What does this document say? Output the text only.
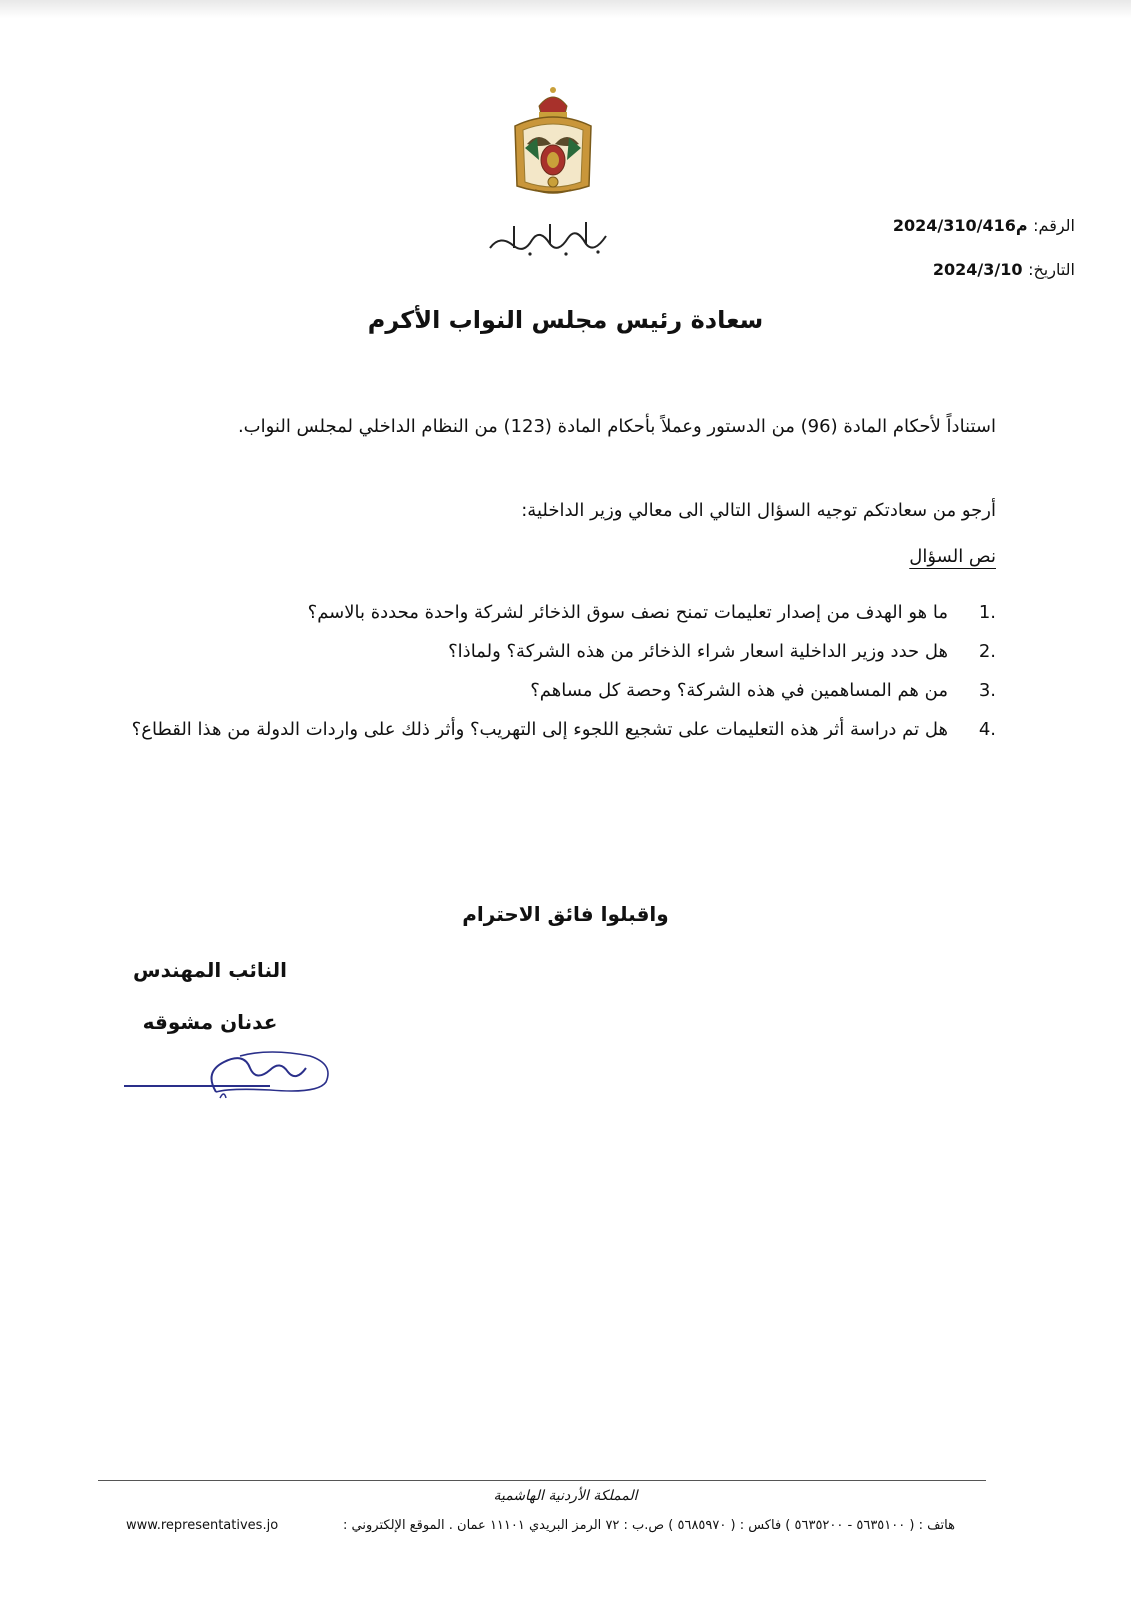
الرقم: م2024/310/416
التاريخ: 2024/3/10
سعادة رئيس مجلس النواب الأكرم
استناداً لأحكام المادة (96) من الدستور وعملاً بأحكام المادة (123) من النظام الداخلي لمجلس النواب.
أرجو من سعادتكم توجيه السؤال التالي الى معالي وزير الداخلية:
نص السؤال
1.
ما هو الهدف من إصدار تعليمات تمنح نصف سوق الذخائر لشركة واحدة محددة بالاسم؟
2.
هل حدد وزير الداخلية اسعار شراء الذخائر من هذه الشركة؟ ولماذا؟
3.
من هم المساهمين في هذه الشركة؟ وحصة كل مساهم؟
4.
هل تم دراسة أثر هذه التعليمات على تشجيع اللجوء إلى التهريب؟ وأثر ذلك على واردات الدولة من هذا القطاع؟
واقبلوا فائق الاحترام
النائب المهندس
عدنان مشوقه
المملكة الأردنية الهاشمية
هاتف : ( ٥٦٣٥١٠٠ - ٥٦٣٥٢٠٠ ) فاكس : ( ٥٦٨٥٩٧٠ ) ص.ب : ٧٢ الرمز البريدي ١١١٠١ عمان . الموقع الإلكتروني :
www.representatives.jo
